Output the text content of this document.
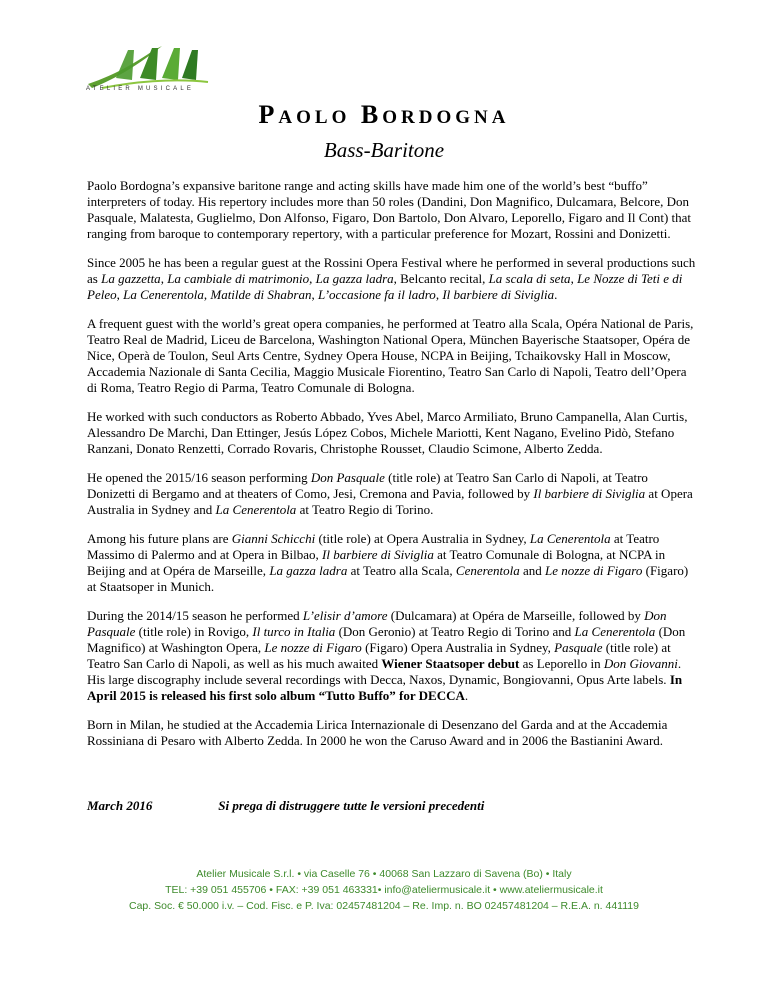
ATELIER MUSICALE
PAOLO BORDOGNA
Bass-Baritone

Paolo Bordogna’s expansive baritone range and acting skills have made him one of the world’s best “buffo” interpreters of today. His repertory includes more than 50 roles (Dandini, Don Magnifico, Dulcamara, Belcore, Don Pasquale, Malatesta, Guglielmo, Don Alfonso, Figaro, Don Bartolo, Don Alvaro, Leporello, Figaro and Il Cont) that ranging from baroque to contemporary repertory, with a particular preference for Mozart, Rossini and Donizetti.

Since 2005 he has been a regular guest at the Rossini Opera Festival where he performed in several productions such as La gazzetta, La cambiale di matrimonio, La gazza ladra, Belcanto recital, La scala di seta, Le Nozze di Teti e di Peleo, La Cenerentola, Matilde di Shabran, L’occasione fa il ladro, Il barbiere di Siviglia.

A frequent guest with the world’s great opera companies, he performed at Teatro alla Scala, Opéra National de Paris, Teatro Real de Madrid, Liceu de Barcelona, Washington National Opera, München Bayerische Staatsoper, Opéra de Nice, Operà de Toulon, Seul Arts Centre, Sydney Opera House, NCPA in Beijing, Tchaikovsky Hall in Moscow, Accademia Nazionale di Santa Cecilia, Maggio Musicale Fiorentino, Teatro San Carlo di Napoli, Teatro dell’Opera di Roma, Teatro Regio di Parma, Teatro Comunale di Bologna.

He worked with such conductors as Roberto Abbado, Yves Abel, Marco Armiliato, Bruno Campanella, Alan Curtis, Alessandro De Marchi, Dan Ettinger, Jesús López Cobos, Michele Mariotti, Kent Nagano, Evelino Pidò, Stefano Ranzani, Donato Renzetti, Corrado Rovaris, Christophe Rousset, Claudio Scimone, Alberto Zedda.

He opened the 2015/16 season performing Don Pasquale (title role) at Teatro San Carlo di Napoli, at Teatro Donizetti di Bergamo and at theaters of Como, Jesi, Cremona and Pavia, followed by Il barbiere di Siviglia at Opera Australia in Sydney and La Cenerentola at Teatro Regio di Torino.

Among his future plans are Gianni Schicchi (title role) at Opera Australia in Sydney, La Cenerentola at Teatro Massimo di Palermo and at Opera in Bilbao, Il barbiere di Siviglia at Teatro Comunale di Bologna, at NCPA in Beijing and at Opéra de Marseille, La gazza ladra at Teatro alla Scala, Cenerentola and Le nozze di Figaro (Figaro) at Staatsoper in Munich.

During the 2014/15 season he performed L’elisir d’amore (Dulcamara) at Opéra de Marseille, followed by Don Pasquale (title role) in Rovigo, Il turco in Italia (Don Geronio) at Teatro Regio di Torino and La Cenerentola (Don Magnifico) at Washington Opera, Le nozze di Figaro (Figaro) Opera Australia in Sydney, Pasquale (title role) at Teatro San Carlo di Napoli, as well as his much awaited Wiener Staatsoper debut as Leporello in Don Giovanni.

His large discography include several recordings with Decca, Naxos, Dynamic, Bongiovanni, Opus Arte labels. In April 2015 is released his first solo album “Tutto Buffo” for DECCA.

Born in Milan, he studied at the Accademia Lirica Internazionale di Desenzano del Garda and at the Accademia Rossiniana di Pesaro with Alberto Zedda. In 2000 he won the Caruso Award and in 2006 the Bastianini Award.

March 2016	Si prega di distruggere tutte le versioni precedenti
Atelier Musicale S.r.l. • via Caselle 76 • 40068 San Lazzaro di Savena (Bo) • Italy
TEL: +39 051 455706 • FAX: +39 051 463331• info@ateliermusicale.it • www.ateliermusicale.it
Cap. Soc. € 50.000 i.v. – Cod. Fisc. e P. Iva: 02457481204 – Re. Imp. n. BO 02457481204 – R.E.A. n. 441119
